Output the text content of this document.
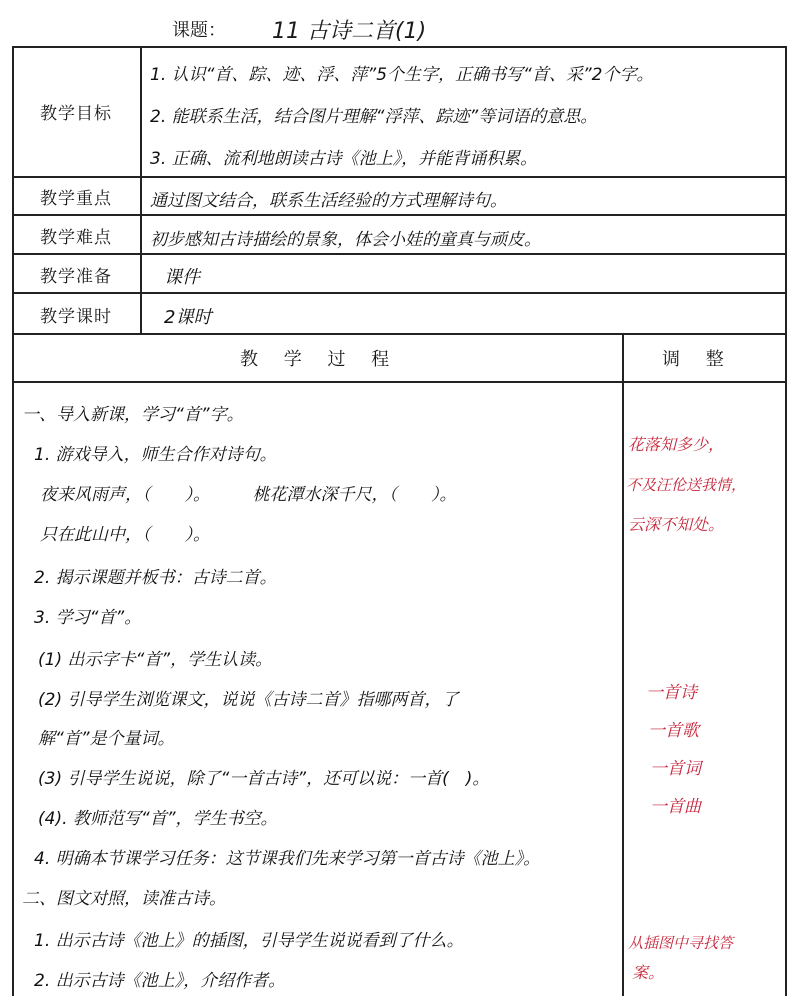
课题： 11 古诗二首(1)
教学目标
教学重点
教学难点
教学准备
教学课时
1. 认识“首、踪、迹、浮、萍”5个生字，正确书写“首、采”2个字。
2. 能联系生活，结合图片理解“浮萍、踪迹”等词语的意思。
3. 正确、流利地朗读古诗《池上》，并能背诵积累。
通过图文结合，联系生活经验的方式理解诗句。
初步感知古诗描绘的景象，体会小娃的童真与顽皮。
课件
2课时
教 学 过 程	调 整
一、导入新课，学习“首”字。
1. 游戏导入，师生合作对诗句。
夜来风雨声，（　　）。　　　桃花潭水深千尺，（　　）。
只在此山中，（　　）。
2. 揭示课题并板书：古诗二首。
3. 学习“首”。
(1) 出示字卡“首”，学生认读。
(2) 引导学生浏览课文，说说《古诗二首》指哪两首，了
解“首”是个量词。
(3) 引导学生说说，除了“一首古诗”，还可以说：一首(　)。
(4). 教师范写“首”，学生书空。
4. 明确本节课学习任务：这节课我们先来学习第一首古诗《池上》。
二、图文对照，读准古诗。
1. 出示古诗《池上》的插图，引导学生说说看到了什么。
2. 出示古诗《池上》，介绍作者。
花落知多少，
不及汪伦送我情，
云深不知处。
一首诗
一首歌
一首词
一首曲
从插图中寻找答
案。
